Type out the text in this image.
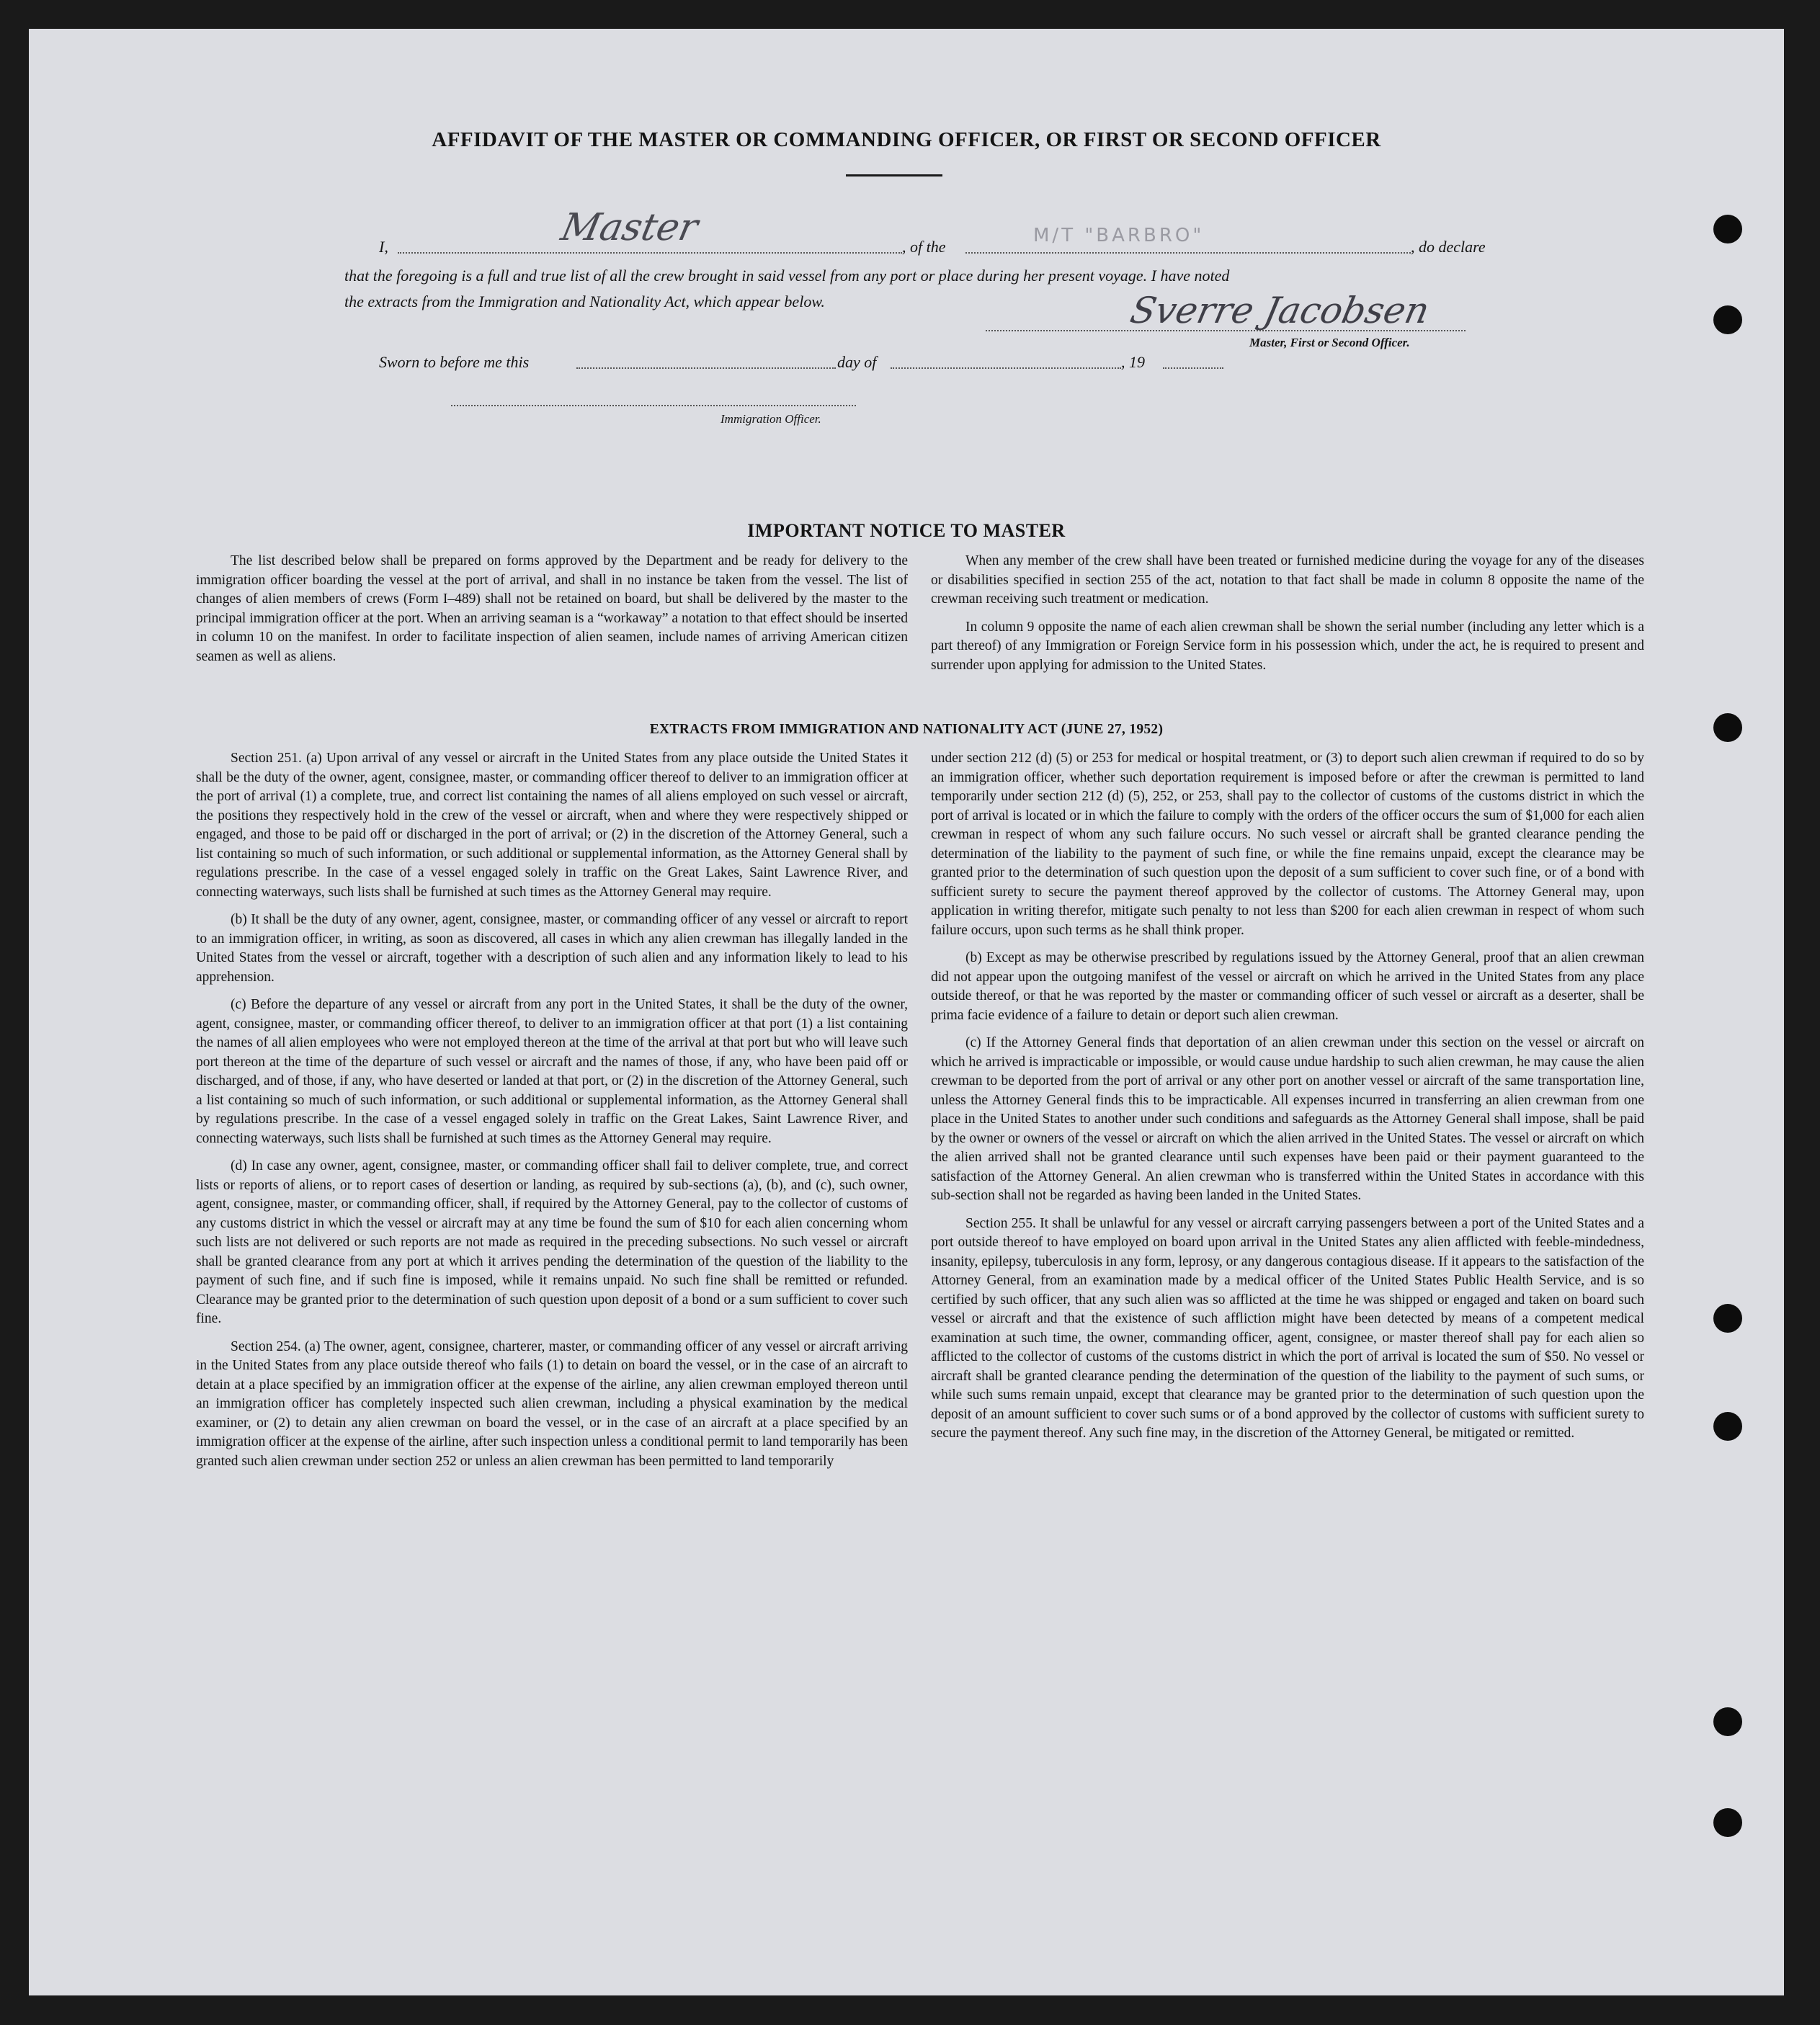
AFFIDAVIT OF THE MASTER OR COMMANDING OFFICER, OR FIRST OR SECOND OFFICER
I,	Master	, of the
M/T "BARBRO"
, do declare
that the foregoing is a full and true list of all the crew brought in said vessel from any port or place during her present voyage. I have noted
the extracts from the Immigration and Nationality Act, which appear below.	Sverre Jacobsen
Master, First or Second Officer.
Sworn to before me this	day of	, 19
Immigration Officer.
IMPORTANT NOTICE TO MASTER

The list described below shall be prepared on forms approved by the Department and be ready for delivery to the immigration officer boarding the vessel at the port of arrival, and shall in no instance be taken from the vessel. The list of changes of alien members of crews (Form I–489) shall not be retained on board, but shall be delivered by the master to the principal immigration officer at the port. When an arriving seaman is a “workaway” a notation to that effect should be inserted in column 10 on the manifest. In order to facilitate inspection of alien seamen, include names of arriving American citizen seamen as well as aliens.

When any member of the crew shall have been treated or furnished medicine during the voyage for any of the diseases or disabilities specified in section 255 of the act, notation to that fact shall be made in column 8 opposite the name of the crewman receiving such treatment or medication.

In column 9 opposite the name of each alien crewman shall be shown the serial number (including any letter which is a part thereof) of any Immigration or Foreign Service form in his possession which, under the act, he is required to present and surrender upon applying for admission to the United States.

EXTRACTS FROM IMMIGRATION AND NATIONALITY ACT (JUNE 27, 1952)

Section 251. (a) Upon arrival of any vessel or aircraft in the United States from any place outside the United States it shall be the duty of the owner, agent, consignee, master, or commanding officer thereof to deliver to an immigration officer at the port of arrival (1) a complete, true, and correct list containing the names of all aliens employed on such vessel or aircraft, the positions they respectively hold in the crew of the vessel or aircraft, when and where they were respectively shipped or engaged, and those to be paid off or discharged in the port of arrival; or (2) in the discretion of the Attorney General, such a list containing so much of such information, or such additional or supplemental information, as the Attorney General shall by regulations prescribe. In the case of a vessel engaged solely in traffic on the Great Lakes, Saint Lawrence River, and connecting waterways, such lists shall be furnished at such times as the Attorney General may require.

(b) It shall be the duty of any owner, agent, consignee, master, or commanding officer of any vessel or aircraft to report to an immigration officer, in writing, as soon as discovered, all cases in which any alien crewman has illegally landed in the United States from the vessel or aircraft, together with a description of such alien and any information likely to lead to his apprehension.

(c) Before the departure of any vessel or aircraft from any port in the United States, it shall be the duty of the owner, agent, consignee, master, or commanding officer thereof, to deliver to an immigration officer at that port (1) a list containing the names of all alien employees who were not employed thereon at the time of the arrival at that port but who will leave such port thereon at the time of the departure of such vessel or aircraft and the names of those, if any, who have been paid off or discharged, and of those, if any, who have deserted or landed at that port, or (2) in the discretion of the Attorney General, such a list containing so much of such information, or such additional or supplemental information, as the Attorney General shall by regulations prescribe. In the case of a vessel engaged solely in traffic on the Great Lakes, Saint Lawrence River, and connecting waterways, such lists shall be furnished at such times as the Attorney General may require.

(d) In case any owner, agent, consignee, master, or commanding officer shall fail to deliver complete, true, and correct lists or reports of aliens, or to report cases of desertion or landing, as required by sub-sections (a), (b), and (c), such owner, agent, consignee, master, or commanding officer, shall, if required by the Attorney General, pay to the collector of customs of any customs district in which the vessel or aircraft may at any time be found the sum of $10 for each alien concerning whom such lists are not delivered or such reports are not made as required in the preceding subsections. No such vessel or aircraft shall be granted clearance from any port at which it arrives pending the determination of the question of the liability to the payment of such fine, and if such fine is imposed, while it remains unpaid. No such fine shall be remitted or refunded. Clearance may be granted prior to the determination of such question upon deposit of a bond or a sum sufficient to cover such fine.

Section 254. (a) The owner, agent, consignee, charterer, master, or commanding officer of any vessel or aircraft arriving in the United States from any place outside thereof who fails (1) to detain on board the vessel, or in the case of an aircraft to detain at a place specified by an immigration officer at the expense of the airline, any alien crewman employed thereon until an immigration officer has completely inspected such alien crewman, including a physical examination by the medical examiner, or (2) to detain any alien crewman on board the vessel, or in the case of an aircraft at a place specified by an immigration officer at the expense of the airline, after such inspection unless a conditional permit to land temporarily has been granted such alien crewman under section 252 or unless an alien crewman has been permitted to land temporarily

under section 212 (d) (5) or 253 for medical or hospital treatment, or (3) to deport such alien crewman if required to do so by an immigration officer, whether such deportation requirement is imposed before or after the crewman is permitted to land temporarily under section 212 (d) (5), 252, or 253, shall pay to the collector of customs of the customs district in which the port of arrival is located or in which the failure to comply with the orders of the officer occurs the sum of $1,000 for each alien crewman in respect of whom any such failure occurs. No such vessel or aircraft shall be granted clearance pending the determination of the liability to the payment of such fine, or while the fine remains unpaid, except the clearance may be granted prior to the determination of such question upon the deposit of a sum sufficient to cover such fine, or of a bond with sufficient surety to secure the payment thereof approved by the collector of customs. The Attorney General may, upon application in writing therefor, mitigate such penalty to not less than $200 for each alien crewman in respect of whom such failure occurs, upon such terms as he shall think proper.

(b) Except as may be otherwise prescribed by regulations issued by the Attorney General, proof that an alien crewman did not appear upon the outgoing manifest of the vessel or aircraft on which he arrived in the United States from any place outside thereof, or that he was reported by the master or commanding officer of such vessel or aircraft as a deserter, shall be prima facie evidence of a failure to detain or deport such alien crewman.

(c) If the Attorney General finds that deportation of an alien crewman under this section on the vessel or aircraft on which he arrived is impracticable or impossible, or would cause undue hardship to such alien crewman, he may cause the alien crewman to be deported from the port of arrival or any other port on another vessel or aircraft of the same transportation line, unless the Attorney General finds this to be impracticable. All expenses incurred in transferring an alien crewman from one place in the United States to another under such conditions and safeguards as the Attorney General shall impose, shall be paid by the owner or owners of the vessel or aircraft on which the alien arrived in the United States. The vessel or aircraft on which the alien arrived shall not be granted clearance until such expenses have been paid or their payment guaranteed to the satisfaction of the Attorney General. An alien crewman who is transferred within the United States in accordance with this sub-section shall not be regarded as having been landed in the United States.

Section 255. It shall be unlawful for any vessel or aircraft carrying passengers between a port of the United States and a port outside thereof to have employed on board upon arrival in the United States any alien afflicted with feeble-mindedness, insanity, epilepsy, tuberculosis in any form, leprosy, or any dangerous contagious disease. If it appears to the satisfaction of the Attorney General, from an examination made by a medical officer of the United States Public Health Service, and is so certified by such officer, that any such alien was so afflicted at the time he was shipped or engaged and taken on board such vessel or aircraft and that the existence of such affliction might have been detected by means of a competent medical examination at such time, the owner, commanding officer, agent, consignee, or master thereof shall pay for each alien so afflicted to the collector of customs of the customs district in which the port of arrival is located the sum of $50. No vessel or aircraft shall be granted clearance pending the determination of the question of the liability to the payment of such sums, or while such sums remain unpaid, except that clearance may be granted prior to the determination of such question upon the deposit of an amount sufficient to cover such sums or of a bond approved by the collector of customs with sufficient surety to secure the payment thereof. Any such fine may, in the discretion of the Attorney General, be mitigated or remitted.
